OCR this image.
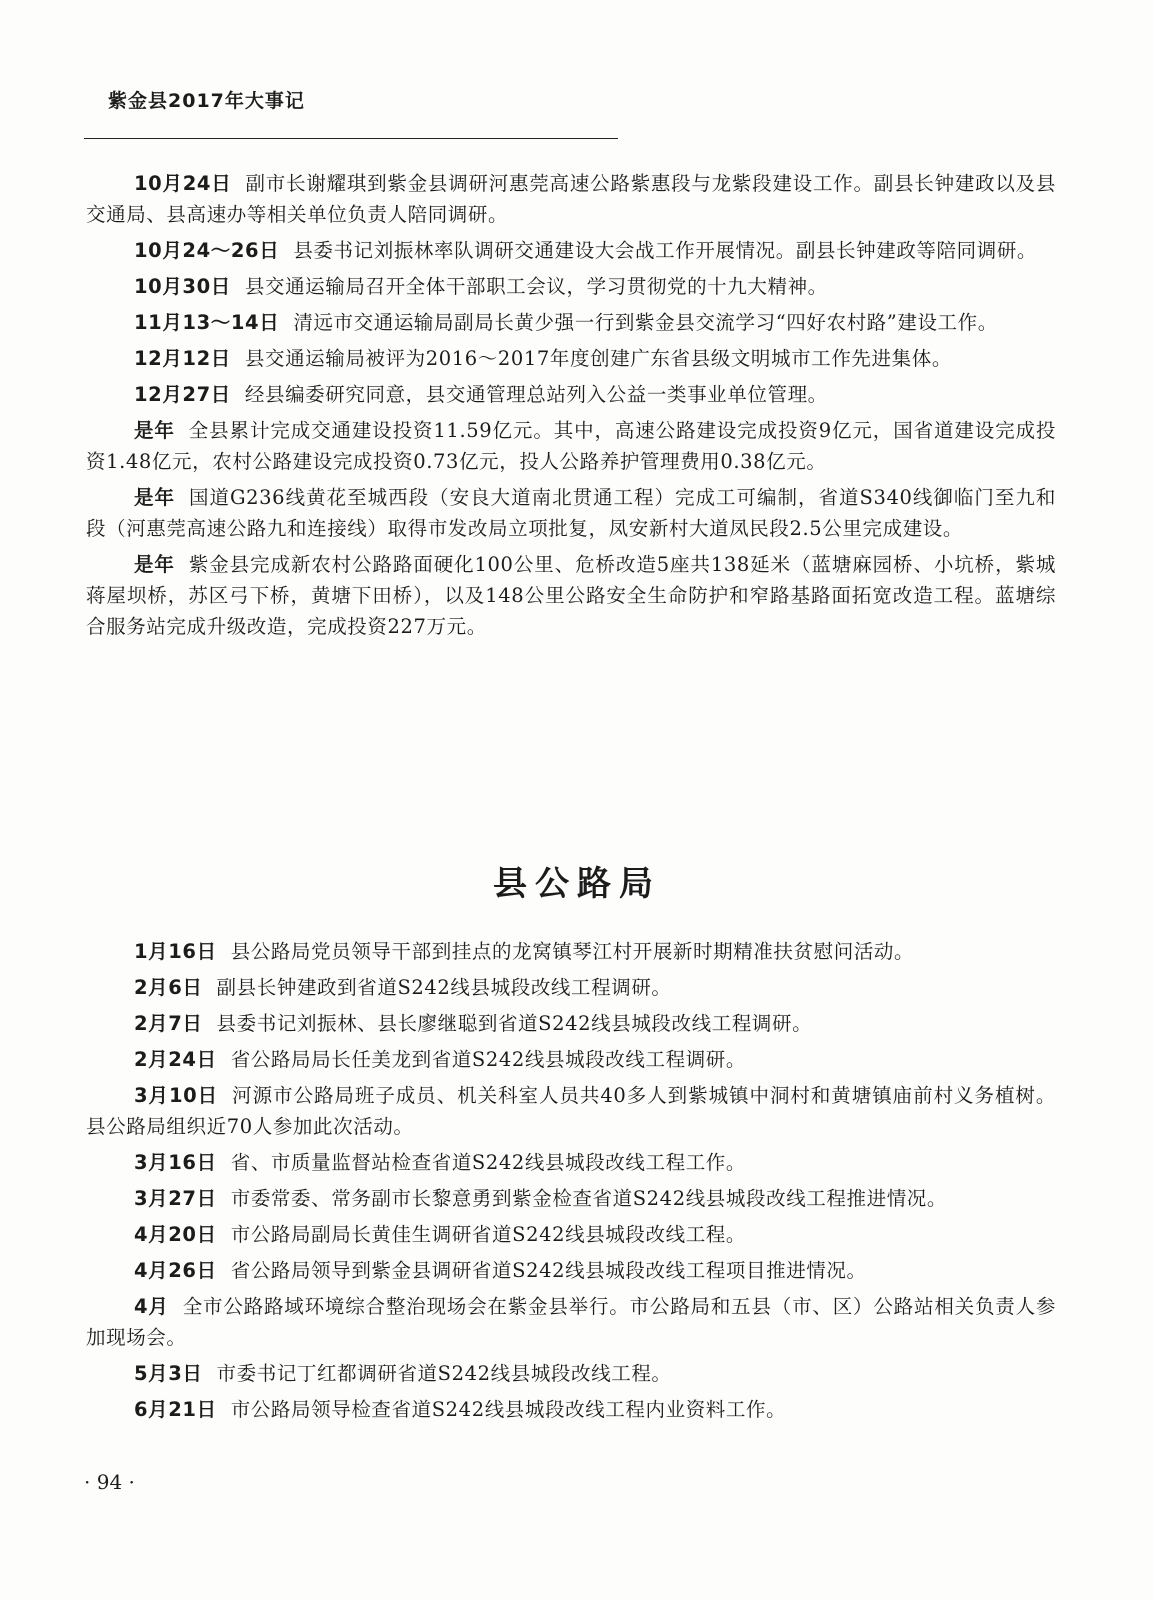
紫金县2017年大事记

10月24日 副市长谢耀琪到紫金县调研河惠莞高速公路紫惠段与龙紫段建设工作。副县长钟建政以及县交通局、县高速办等相关单位负责人陪同调研。

10月24～26日 县委书记刘振林率队调研交通建设大会战工作开展情况。副县长钟建政等陪同调研。

10月30日 县交通运输局召开全体干部职工会议，学习贯彻党的十九大精神。

11月13～14日 清远市交通运输局副局长黄少强一行到紫金县交流学习“四好农村路”建设工作。

12月12日 县交通运输局被评为2016～2017年度创建广东省县级文明城市工作先进集体。

12月27日 经县编委研究同意，县交通管理总站列入公益一类事业单位管理。

是年 全县累计完成交通建设投资11.59亿元。其中，高速公路建设完成投资9亿元，国省道建设完成投资1.48亿元，农村公路建设完成投资0.73亿元，投人公路养护管理费用0.38亿元。

是年 国道G236线黄花至城西段（安良大道南北贯通工程）完成工可编制，省道S340线御临门至九和段（河惠莞高速公路九和连接线）取得市发改局立项批复，凤安新村大道凤民段2.5公里完成建设。

是年 紫金县完成新农村公路路面硬化100公里、危桥改造5座共138延米（蓝塘麻园桥、小坑桥，紫城蒋屋坝桥，苏区弓下桥，黄塘下田桥），以及148公里公路安全生命防护和窄路基路面拓宽改造工程。蓝塘综合服务站完成升级改造，完成投资227万元。

县公路局

1月16日 县公路局党员领导干部到挂点的龙窝镇琴江村开展新时期精准扶贫慰问活动。

2月6日 副县长钟建政到省道S242线县城段改线工程调研。

2月7日 县委书记刘振林、县长廖继聪到省道S242线县城段改线工程调研。

2月24日 省公路局局长任美龙到省道S242线县城段改线工程调研。

3月10日 河源市公路局班子成员、机关科室人员共40多人到紫城镇中洞村和黄塘镇庙前村义务植树。县公路局组织近70人参加此次活动。

3月16日 省、市质量监督站检查省道S242线县城段改线工程工作。

3月27日 市委常委、常务副市长黎意勇到紫金检查省道S242线县城段改线工程推进情况。

4月20日 市公路局副局长黄佳生调研省道S242线县城段改线工程。

4月26日 省公路局领导到紫金县调研省道S242线县城段改线工程项目推进情况。

4月 全市公路路域环境综合整治现场会在紫金县举行。市公路局和五县（市、区）公路站相关负责人参加现场会。

5月3日 市委书记丁红都调研省道S242线县城段改线工程。

6月21日 市公路局领导检查省道S242线县城段改线工程内业资料工作。

· 94 ·
